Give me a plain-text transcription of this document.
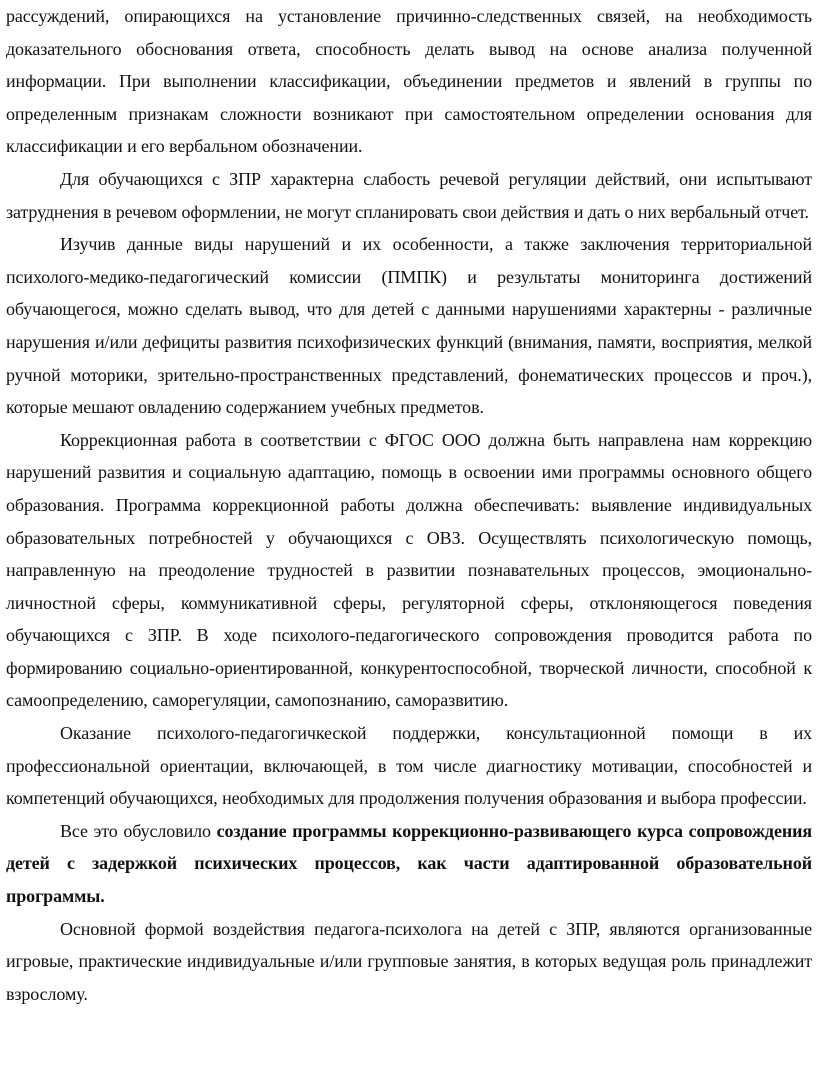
рассуждений, опирающихся на установление причинно-следственных связей, на необходимость доказательного обоснования ответа, способность делать вывод на основе анализа полученной информации. При выполнении классификации, объединении предметов и явлений в группы по определенным признакам сложности возникают при самостоятельном определении основания для классификации и его вербальном обозначении.

Для обучающихся с ЗПР характерна слабость речевой регуляции действий, они испытывают затруднения в речевом оформлении, не могут спланировать свои действия и дать о них вербальный отчет.

Изучив данные виды нарушений и их особенности, а также заключения территориальной психолого-медико-педагогический комиссии (ПМПК) и результаты мониторинга достижений обучающегося, можно сделать вывод, что для детей с данными нарушениями характерны - различные нарушения и/или дефициты развития психофизических функций (внимания, памяти, восприятия, мелкой ручной моторики, зрительно-пространственных представлений, фонематических процессов и проч.), которые мешают овладению содержанием учебных предметов.

Коррекционная работа в соответствии с ФГОС ООО должна быть направлена нам коррекцию нарушений развития и социальную адаптацию, помощь в освоении ими программы основного общего образования. Программа коррекционной работы должна обеспечивать: выявление индивидуальных образовательных потребностей у обучающихся с ОВЗ. Осуществлять психологическую помощь, направленную на преодоление трудностей в развитии познавательных процессов, эмоционально-личностной сферы, коммуникативной сферы, регуляторной сферы, отклоняющегося поведения обучающихся с ЗПР. В ходе психолого-педагогического сопровождения проводится работа по формированию социально-ориентированной, конкурентоспособной, творческой личности, способной к самоопределению, саморегуляции, самопознанию, саморазвитию.

Оказание психолого-педагогичкеской поддержки, консультационной помощи в их профессиональной ориентации, включающей, в том числе диагностику мотивации, способностей и компетенций обучающихся, необходимых для продолжения получения образования и выбора профессии.

Все это обусловило создание программы коррекционно-развивающего курса сопровождения детей с задержкой психических процессов, как части адаптированной образовательной программы.

Основной формой воздействия педагога-психолога на детей с ЗПР, являются организованные игровые, практические индивидуальные и/или групповые занятия, в которых ведущая роль принадлежит взрослому.
